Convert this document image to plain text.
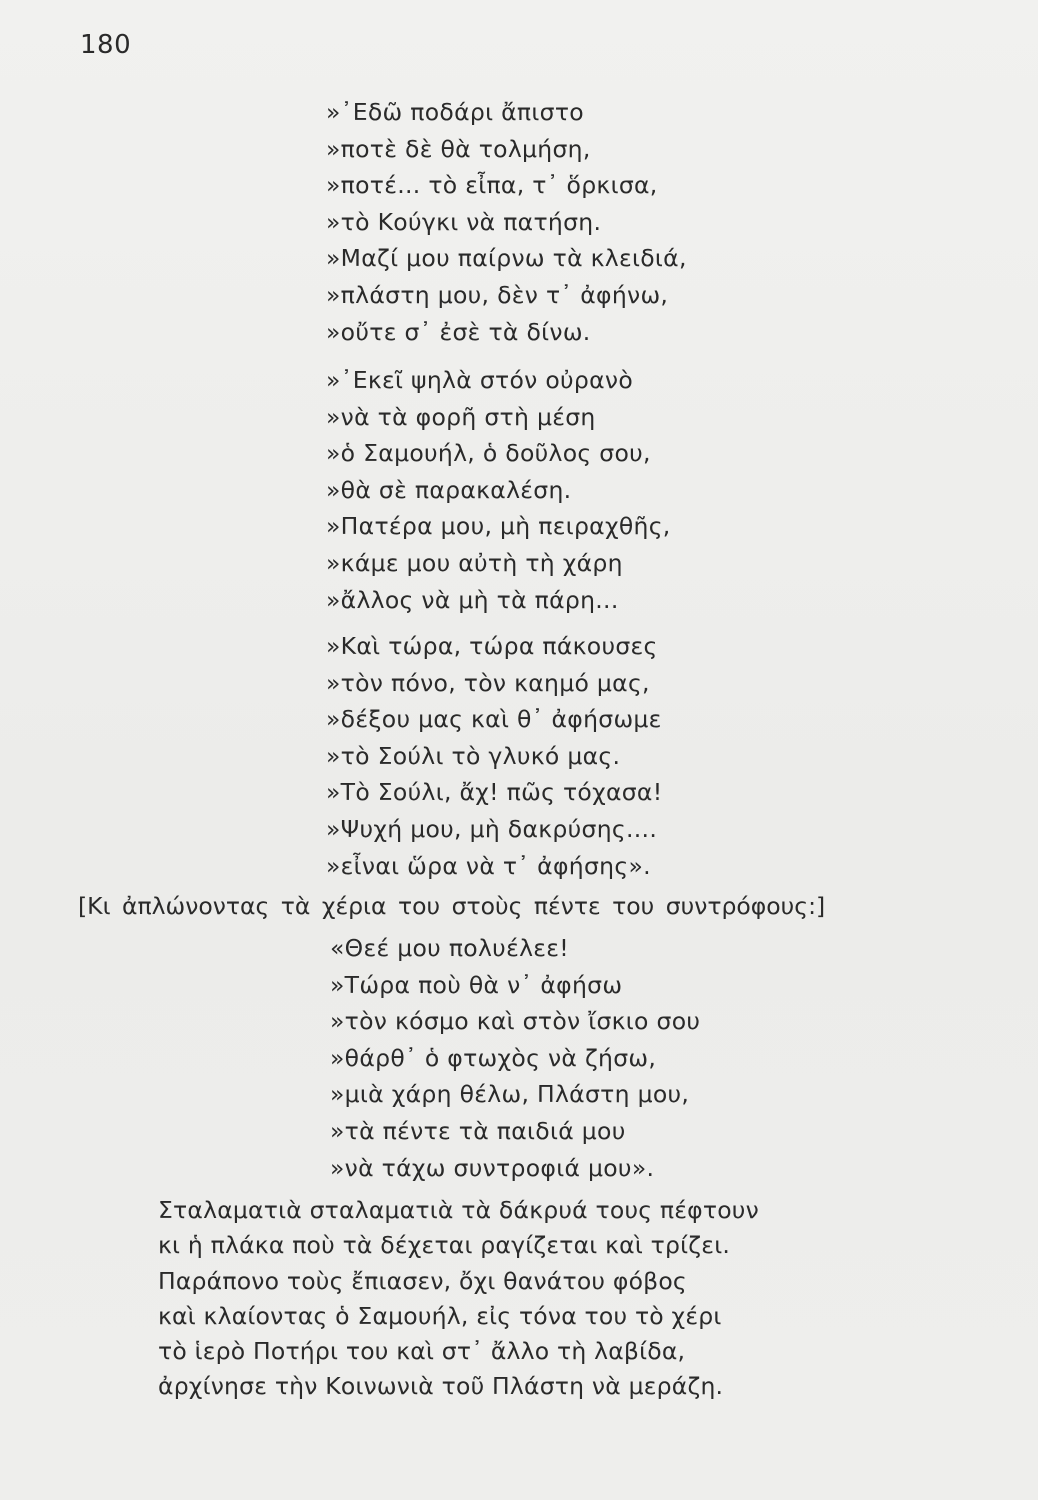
180
»᾿Εδῶ ποδάρι ἄπιστο
»ποτὲ δὲ θὰ τολμήση,
»ποτέ... τὸ εἶπα, τ᾿ ὅρκισα,
»τὸ Κούγκι νὰ πατήση.
»Μαζί μου παίρνω τὰ κλειδιά,
»πλάστη μου, δὲν τ᾿ ἀφήνω,
»οὔτε σ᾿ ἐσὲ τὰ δίνω.
»᾿Εκεῖ ψηλὰ στόν οὐρανὸ
»νὰ τὰ φορῆ στὴ μέση
»ὁ Σαμουήλ, ὁ δοῦλος σου,
»θὰ σὲ παρακαλέση.
»Πατέρα μου, μὴ πειραχθῆς,
»κάμε μου αὐτὴ τὴ χάρη
»ἄλλος νὰ μὴ τὰ πάρη...
»Καὶ τώρα, τώρα πάκουσες
»τὸν πόνο, τὸν καημό μας,
»δέξου μας καὶ θ᾿ ἀφήσωμε
»τὸ Σούλι τὸ γλυκό μας.
»Τὸ Σούλι, ἄχ! πῶς τόχασα!
»Ψυχή μου, μὴ δακρύσης....
»εἶναι ὥρα νὰ τ᾿ ἀφήσης».
[Κι ἀπλώνοντας τὰ χέρια του στοὺς πέντε του συντρόφους:]
«Θεέ μου πολυέλεε!
»Τώρα ποὺ θὰ ν᾿ ἀφήσω
»τὸν κόσμο καὶ στὸν ἴσκιο σου
»θάρθ᾿ ὁ φτωχὸς νὰ ζήσω,
»μιὰ χάρη θέλω, Πλάστη μου,
»τὰ πέντε τὰ παιδιά μου
»νὰ τάχω συντροφιά μου».
Σταλαματιὰ σταλαματιὰ τὰ δάκρυά τους πέφτουν
κι ἡ πλάκα ποὺ τὰ δέχεται ραγίζεται καὶ τρίζει.
Παράπονο τοὺς ἔπιασεν, ὄχι θανάτου φόβος
καὶ κλαίοντας ὁ Σαμουήλ, εἰς τόνα του τὸ χέρι
τὸ ἱερὸ Ποτήρι του καὶ στ᾿ ἄλλο τὴ λαβίδα,
ἀρχίνησε τὴν Κοινωνιὰ τοῦ Πλάστη νὰ μεράζη.
